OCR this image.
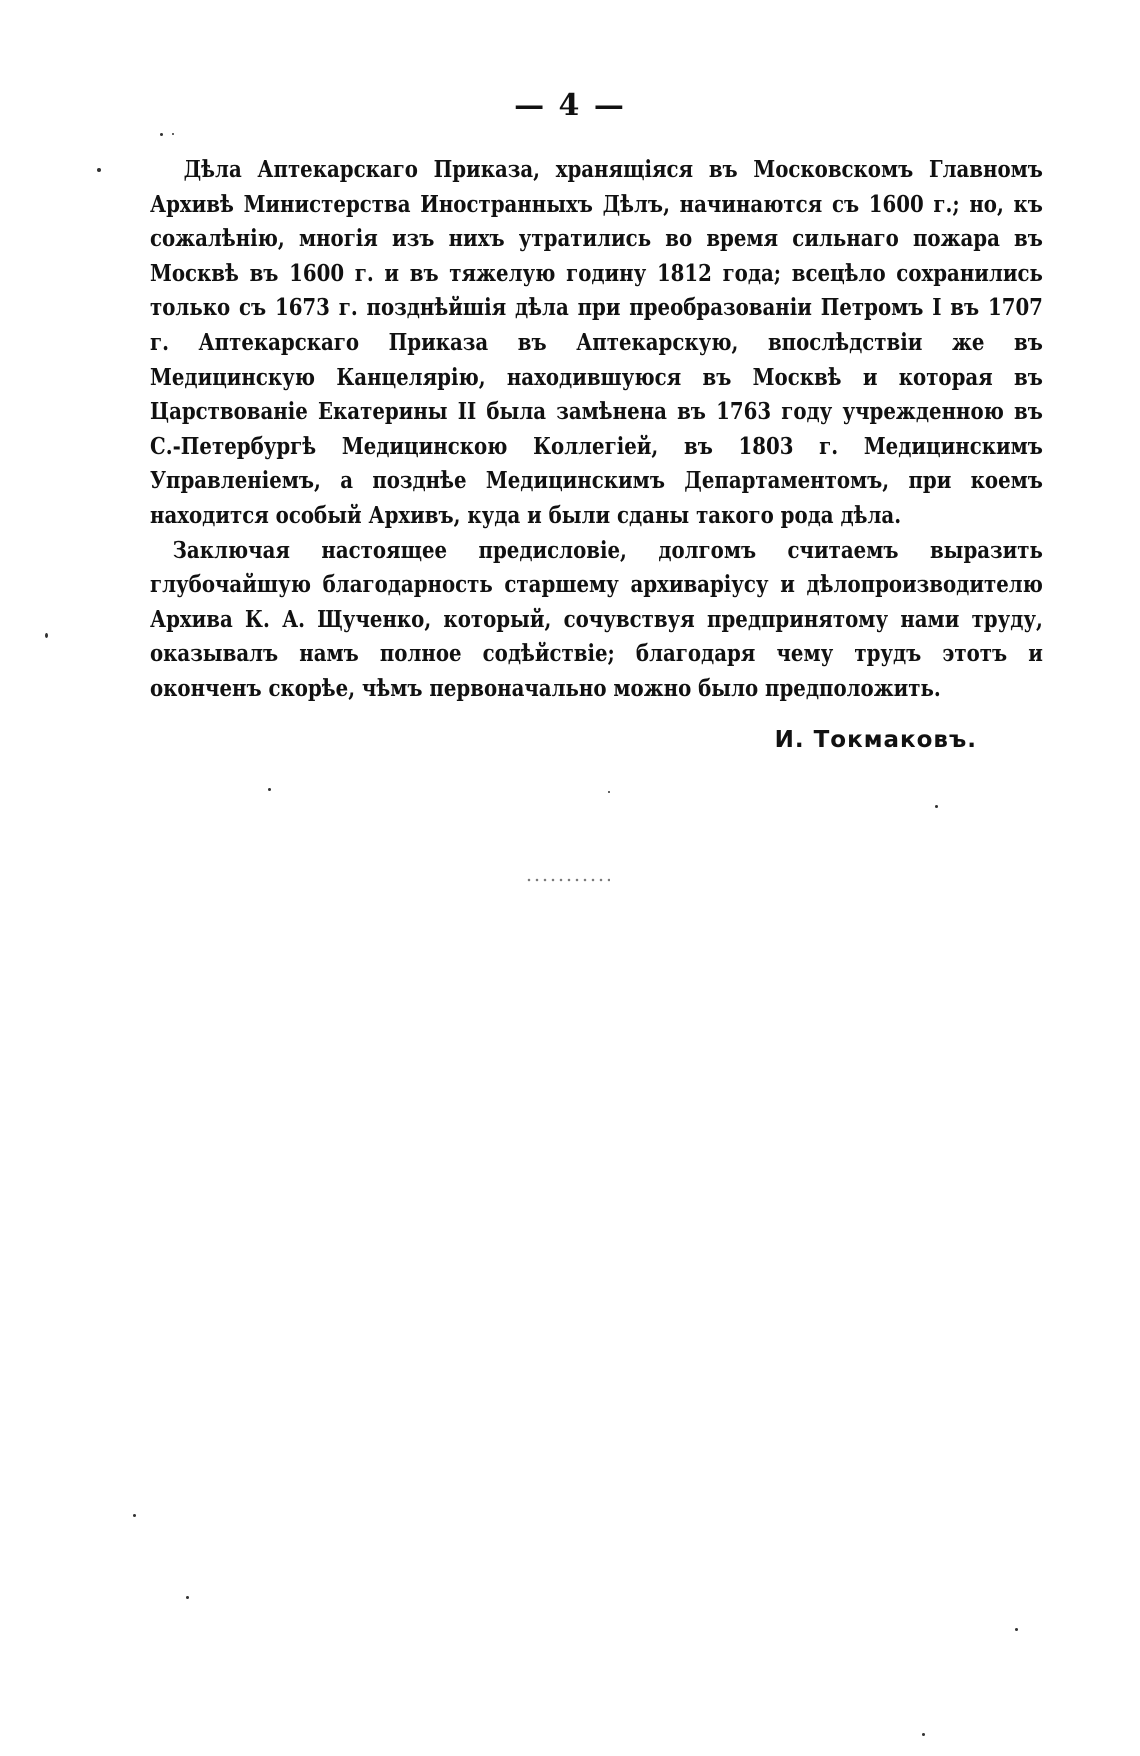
— 4 —

Дѣла Аптекарскаго Приказа, хранящіяся въ Московскомъ Главномъ Архивѣ Министерства Иностранныхъ Дѣлъ, начинаются съ 1600 г.; но, къ сожалѣнію, многія изъ нихъ утратились во время сильнаго пожара въ Москвѣ въ 1600 г. и въ тяжелую годину 1812 года; всецѣло сохранились только съ 1673 г. позднѣйшія дѣла при преобразованіи Петромъ I въ 1707 г. Аптекарскаго Приказа въ Аптекарскую, впослѣдствіи же въ Медицинскую Канцелярію, находившуюся въ Москвѣ и которая въ Царствованіе Екатерины II была замѣнена въ 1763 году учрежденною въ С.-Петербургѣ Медицинскою Коллегіей, въ 1803 г. Медицинскимъ Управленіемъ, а позднѣе Медицинскимъ Департаментомъ, при коемъ находится особый Архивъ, куда и были сданы такого рода дѣла.

Заключая настоящее предисловіе, долгомъ считаемъ выразить глубочайшую благодарность старшему архиваріусу и дѣлопроизводителю Архива К. А. Щученко, который, сочувствуя предпринятому нами труду, оказывалъ намъ полное содѣйствіе; благодаря чему трудъ этотъ и оконченъ скорѣе, чѣмъ первоначально можно было предположить.

И. Токмаковъ.
